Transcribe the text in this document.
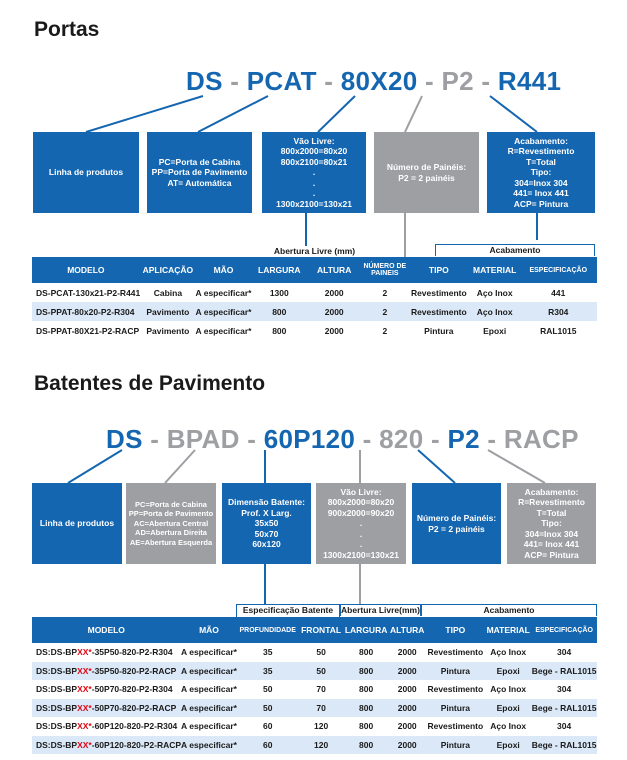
Portas
DS - PCAT - 80X20 - P2 - R441
Linha de produtos
PC=Porta de Cabina
PP=Porta de Pavimento
AT= Automática
Vão Livre:
800x2000=80x20
800x2100=80x21
.
.
.
1300x2100=130x21
Número de Painéis:
P2 = 2 painéis
Acabamento:
R=Revestimento
T=Total
Tipo:
304=Inox 304
441= Inox 441
ACP= Pintura
Abertura Livre (mm)	Acabamento
MODELO	APLICAÇÃO	MÃO	LARGURA	ALTURA	NÚMERO DE PAINEIS	TIPO	MATERIAL	ESPECIFICAÇÃO
DS-PCAT-130x21-P2-R441	Cabina	A especificar*	1300	2000	2	Revestimento	Aço Inox	441
DS-PPAT-80x20-P2-R304	Pavimento	A especificar*	800	2000	2	Revestimento	Aço Inox	R304
DS-PPAT-80X21-P2-RACP	Pavimento	A especificar*	800	2000	2	Pintura	Epoxi	RAL1015
Batentes de Pavimento
DS - BPAD - 60P120 - 820 - P2 - RACP
Linha de produtos
PC=Porta de Cabina
PP=Porta de Pavimento
AC=Abertura Central
AD=Abertura Direita
AE=Abertura Esquerda
Dimensão Batente:
Prof. X Larg.
35x50
50x70
60x120
Vão Livre:
800x2000=80x20
900x2000=90x20
.
.
.
1300x2100=130x21
Número de Painéis:
P2 = 2 painéis
Acabamento:
R=Revestimento
T=Total
Tipo:
304=Inox 304
441= Inox 441
ACP= Pintura
Especificação Batente Abertura Livre(mm)	Acabamento
MODELO	MÃO	PROFUNDIDADE	FRONTAL	LARGURA	ALTURA	TIPO	MATERIAL	ESPECIFICAÇÃO
DS:DS-BPXX*-35P50-820-P2-R304	A especificar*	35	50	800	2000	Revestimento	Aço Inox	304
DS:DS-BPXX*-35P50-820-P2-RACP	A especificar*	35	50	800	2000	Pintura	Epoxi	Bege - RAL1015
DS:DS-BPXX*-50P70-820-P2-R304	A especificar*	50	70	800	2000	Revestimento	Aço Inox	304
DS:DS-BPXX*-50P70-820-P2-RACP	A especificar*	50	70	800	2000	Pintura	Epoxi	Bege - RAL1015
DS:DS-BPXX*-60P120-820-P2-R304	A especificar*	60	120	800	2000	Revestimento	Aço Inox	304
DS:DS-BPXX*-60P120-820-P2-RACP	A especificar*	60	120	800	2000	Pintura	Epoxi	Bege - RAL1015
